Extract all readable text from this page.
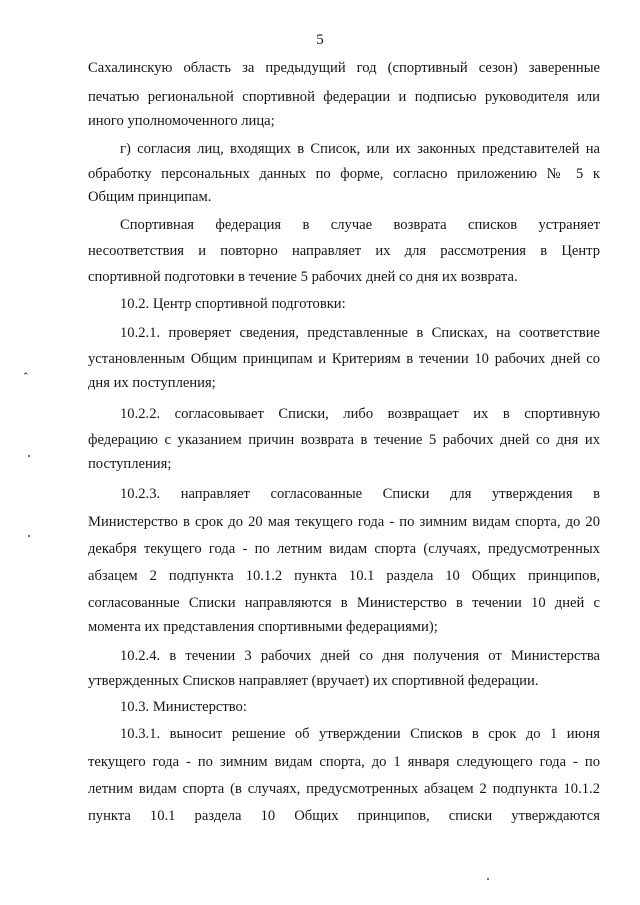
5
Сахалинскую область за предыдущий год (спортивный сезон) заверенные
печатью региональной спортивной федерации и подписью руководителя или
иного уполномоченного лица;
г) согласия лиц, входящих в Список, или их законных представителей на
обработку персональных данных по форме, согласно приложению № 5 к
Общим принципам.
Спортивная федерация в случае возврата списков устраняет
несоответствия и повторно направляет их для рассмотрения в Центр
спортивной подготовки в течение 5 рабочих дней со дня их возврата.
10.2. Центр спортивной подготовки:
10.2.1. проверяет сведения, представленные в Списках, на соответствие
установленным Общим принципам и Критериям в течении 10 рабочих дней со
дня их поступления;
10.2.2. согласовывает Списки, либо возвращает их в спортивную
федерацию с указанием причин возврата в течение 5 рабочих дней со дня их
поступления;
10.2.3. направляет согласованные Списки для утверждения в
Министерство в срок до 20 мая текущего года - по зимним видам спорта, до 20
декабря текущего года - по летним видам спорта (случаях, предусмотренных
абзацем 2 подпункта 10.1.2 пункта 10.1 раздела 10 Общих принципов,
согласованные Списки направляются в Министерство в течении 10 дней с
момента их представления спортивными федерациями);
10.2.4. в течении 3 рабочих дней со дня получения от Министерства
утвержденных Списков направляет (вручает) их спортивной федерации.
10.3. Министерство:
10.3.1. выносит решение об утверждении Списков в срок до 1 июня
текущего года - по зимним видам спорта, до 1 января следующего года - по
летним видам спорта (в случаях, предусмотренных абзацем 2 подпункта 10.1.2
пункта 10.1 раздела 10 Общих принципов, списки утверждаются
⌃
